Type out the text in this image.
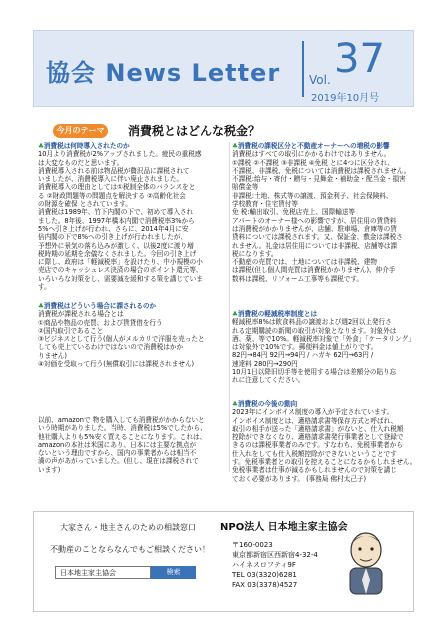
協会 News Letter Vol. 37
2019年10月号
今月のテーマ 消費税とはどんな税金？

♣消費税は何時導入されたのか

10月より消費税が2%アップされました。疲民の重税感

は大変なものだと思います。

消費税導入される前は物品税が贅沢品に課税されて

いましたが、消費税導入に伴い廃止されました。

消費税導入の理由としては①税制全体のバランスをと

る ②財政問題等の問題点を解決する ②高齢化社会

の財源を確保 とされています。

消費税は1989年、竹下内閣の下で、初めて導入され

ました。8年後、1997年橋本内閣で消費税率3%から

5%へ引き上げが行われ、さらに、2014年4月に安

倍内閣の下で8%への引き上げが行われましたが、

予想外に景気の落ち込みが激しく、以後2度に渡り増

税時期の延期を余儀なくされました。今回の引き上げ

に際し、政府は「軽減税率」を設けたり、中小規模の小

売店でのキャッシュレス決済の場合のポイント還元等、

いろいろな対策をし、需要減を緩和する策を講じていま

す。

♣消費税はどういう場合に課されるのか

消費税が課税される場合とは

①商品や物品の売買、および賃貸借を行う

②国内取引であること

③ビジネスとして行う(個人がメルカリで洋服を売ったと

しても売上ているわけではないので消費税はかか

りません)

④対価を受取って行う(無償取引には課税されません)

以前、amazonで 物を購入しても消費税がかからないと

いう時期がありました。当時、消費税は5%でしたから、

他社購入よりも5%安く買えることになります。これは、

amazonの本社は米国にあり、日本には主要な拠点が

ないという理由ですから、国内の事業者からは相当不

満の声があがっていました。(但し、現在は課税されて

います)

♣消費税の課税区分と不動産オーナーへの増税の影響

消費税はすべての取引にかかるわけではありません。

①課税 ②不課税 ③非課税 ④免税 とに4つに区分され、

不課税、非課税、免税については消費税は課税されません。

不課税:給与・寄付・贈与・見舞金・補助金・配当金・損害

賠償金等

非課税:土地、株式等の譲渡、預金利子、社会保険料、

学校教育・住宅賃付等

免 税:輸出取引、免税店売上、国際輸送等

アパートのオーナー様への影響ですが、居住用の賃貸料

は消費税がかかりませんが、店舗、駐車場、倉庫等の賃

貸料については課税されます。又、保証金、敷金は課税さ

れません。礼金は居住用については非課税、店舗等は課

税になります。

不動産の売買では、土地については非課税、建物

は課税(但し個人間売買は消費税かかりません)、仲介手

数料は課税、リフォーム工事等も課税です。

♣消費税の軽減税率制度とは

軽減税率8%は飲食料品の譲渡および週2回以上発行さ

れる定期購読の新聞の取引が対象となります。対象外は

酒、薬、等で10%。軽減税率対象で「外食」「ケータリング」

は対象外で10%です。郵便料金は値上がりです。

82円→84円 92円→94円 / ハガキ 62円→63円 /

速達料 280円→290円

10月1日以降旧切手等を使用する場合は差額分の貼り忘

れに注意してください。

♣消費税の今後の動向

2023年にインボイス制度の導入が予定されています。

インボイス制度とは、適格請求書等保存方式と呼ばれ、

取引の相手が送った「適格請求書」がないと、仕入れ税額

控除ができなくなり、適格請求書発行事業者として登録で

きるのは課税事業者のみです。すなわち、免税事業者から

仕入れをしても仕入税額控除ができないということです

す。免税事業者との取引を控えることになるかもしれません。

免税事業者は仕事が減るかもしれませんので対策を講じ

ておく必要があります。 (事務局 佛村太己子)

大家さん・地主さんのための相談窓口
不動産のことならなんでもご相談ください！
日本地主家主協会	検索
NPO法人 日本地主家主協会
〒160-0023
東京都新宿区西新宿4-32-4
ハイネスロフティ9F
TEL 03(3320)6281
FAX 03(3378)4527
